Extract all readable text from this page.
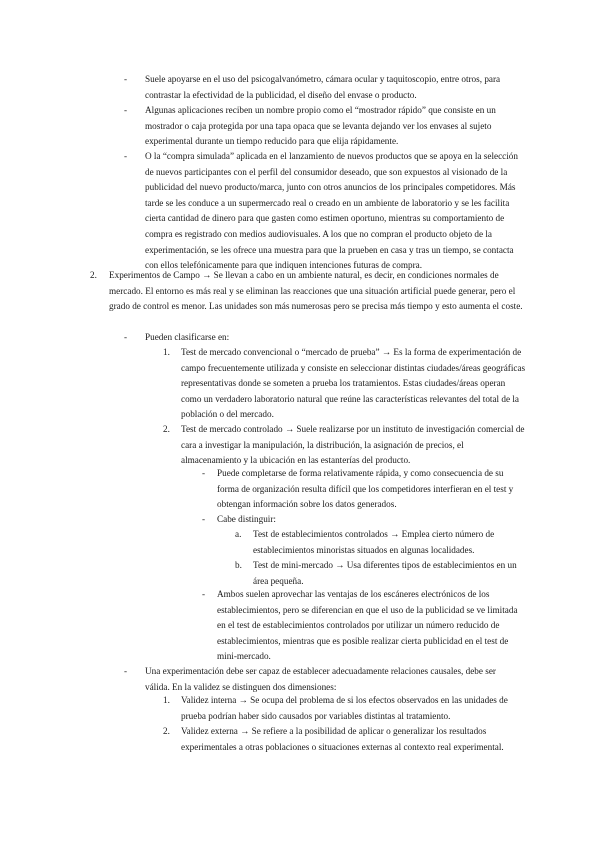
- Suele apoyarse en el uso del psicogalvanómetro, cámara ocular y taquitoscopio, entre otros, para contrastar la efectividad de la publicidad, el diseño del envase o producto.
- Algunas aplicaciones reciben un nombre propio como el “mostrador rápido” que consiste en un mostrador o caja protegida por una tapa opaca que se levanta dejando ver los envases al sujeto experimental durante un tiempo reducido para que elija rápidamente.
- O la “compra simulada” aplicada en el lanzamiento de nuevos productos que se apoya en la selección de nuevos participantes con el perfil del consumidor deseado, que son expuestos al visionado de la publicidad del nuevo producto/marca, junto con otros anuncios de los principales competidores. Más tarde se les conduce a un supermercado real o creado en un ambiente de laboratorio y se les facilita cierta cantidad de dinero para que gasten como estimen oportuno, mientras su comportamiento de compra es registrado con medios audiovisuales. A los que no compran el producto objeto de la experimentación, se les ofrece una muestra para que la prueben en casa y tras un tiempo, se contacta con ellos telefónicamente para que indiquen intenciones futuras de compra.
2. Experimentos de Campo → Se llevan a cabo en un ambiente natural, es decir, en condiciones normales de mercado. El entorno es más real y se eliminan las reacciones que una situación artificial puede generar, pero el grado de control es menor. Las unidades son más numerosas pero se precisa más tiempo y esto aumenta el coste.
- Pueden clasificarse en:
1. Test de mercado convencional o “mercado de prueba” → Es la forma de experimentación de campo frecuentemente utilizada y consiste en seleccionar distintas ciudades/áreas geográficas representativas donde se someten a prueba los tratamientos. Estas ciudades/áreas operan como un verdadero laboratorio natural que reúne las características relevantes del total de la población o del mercado.
2. Test de mercado controlado → Suele realizarse por un instituto de investigación comercial de cara a investigar la manipulación, la distribución, la asignación de precios, el almacenamiento y la ubicación en las estanterías del producto.
- Puede completarse de forma relativamente rápida, y como consecuencia de su forma de organización resulta difícil que los competidores interfieran en el test y obtengan información sobre los datos generados.
- Cabe distinguir:
a. Test de establecimientos controlados → Emplea cierto número de establecimientos minoristas situados en algunas localidades.
b. Test de mini-mercado → Usa diferentes tipos de establecimientos en un área pequeña.
- Ambos suelen aprovechar las ventajas de los escáneres electrónicos de los establecimientos, pero se diferencian en que el uso de la publicidad se ve limitada en el test de establecimientos controlados por utilizar un número reducido de establecimientos, mientras que es posible realizar cierta publicidad en el test de mini-mercado.
- Una experimentación debe ser capaz de establecer adecuadamente relaciones causales, debe ser válida. En la validez se distinguen dos dimensiones:
1. Validez interna → Se ocupa del problema de si los efectos observados en las unidades de prueba podrían haber sido causados por variables distintas al tratamiento.
2. Validez externa → Se refiere a la posibilidad de aplicar o generalizar los resultados experimentales a otras poblaciones o situaciones externas al contexto real experimental.
